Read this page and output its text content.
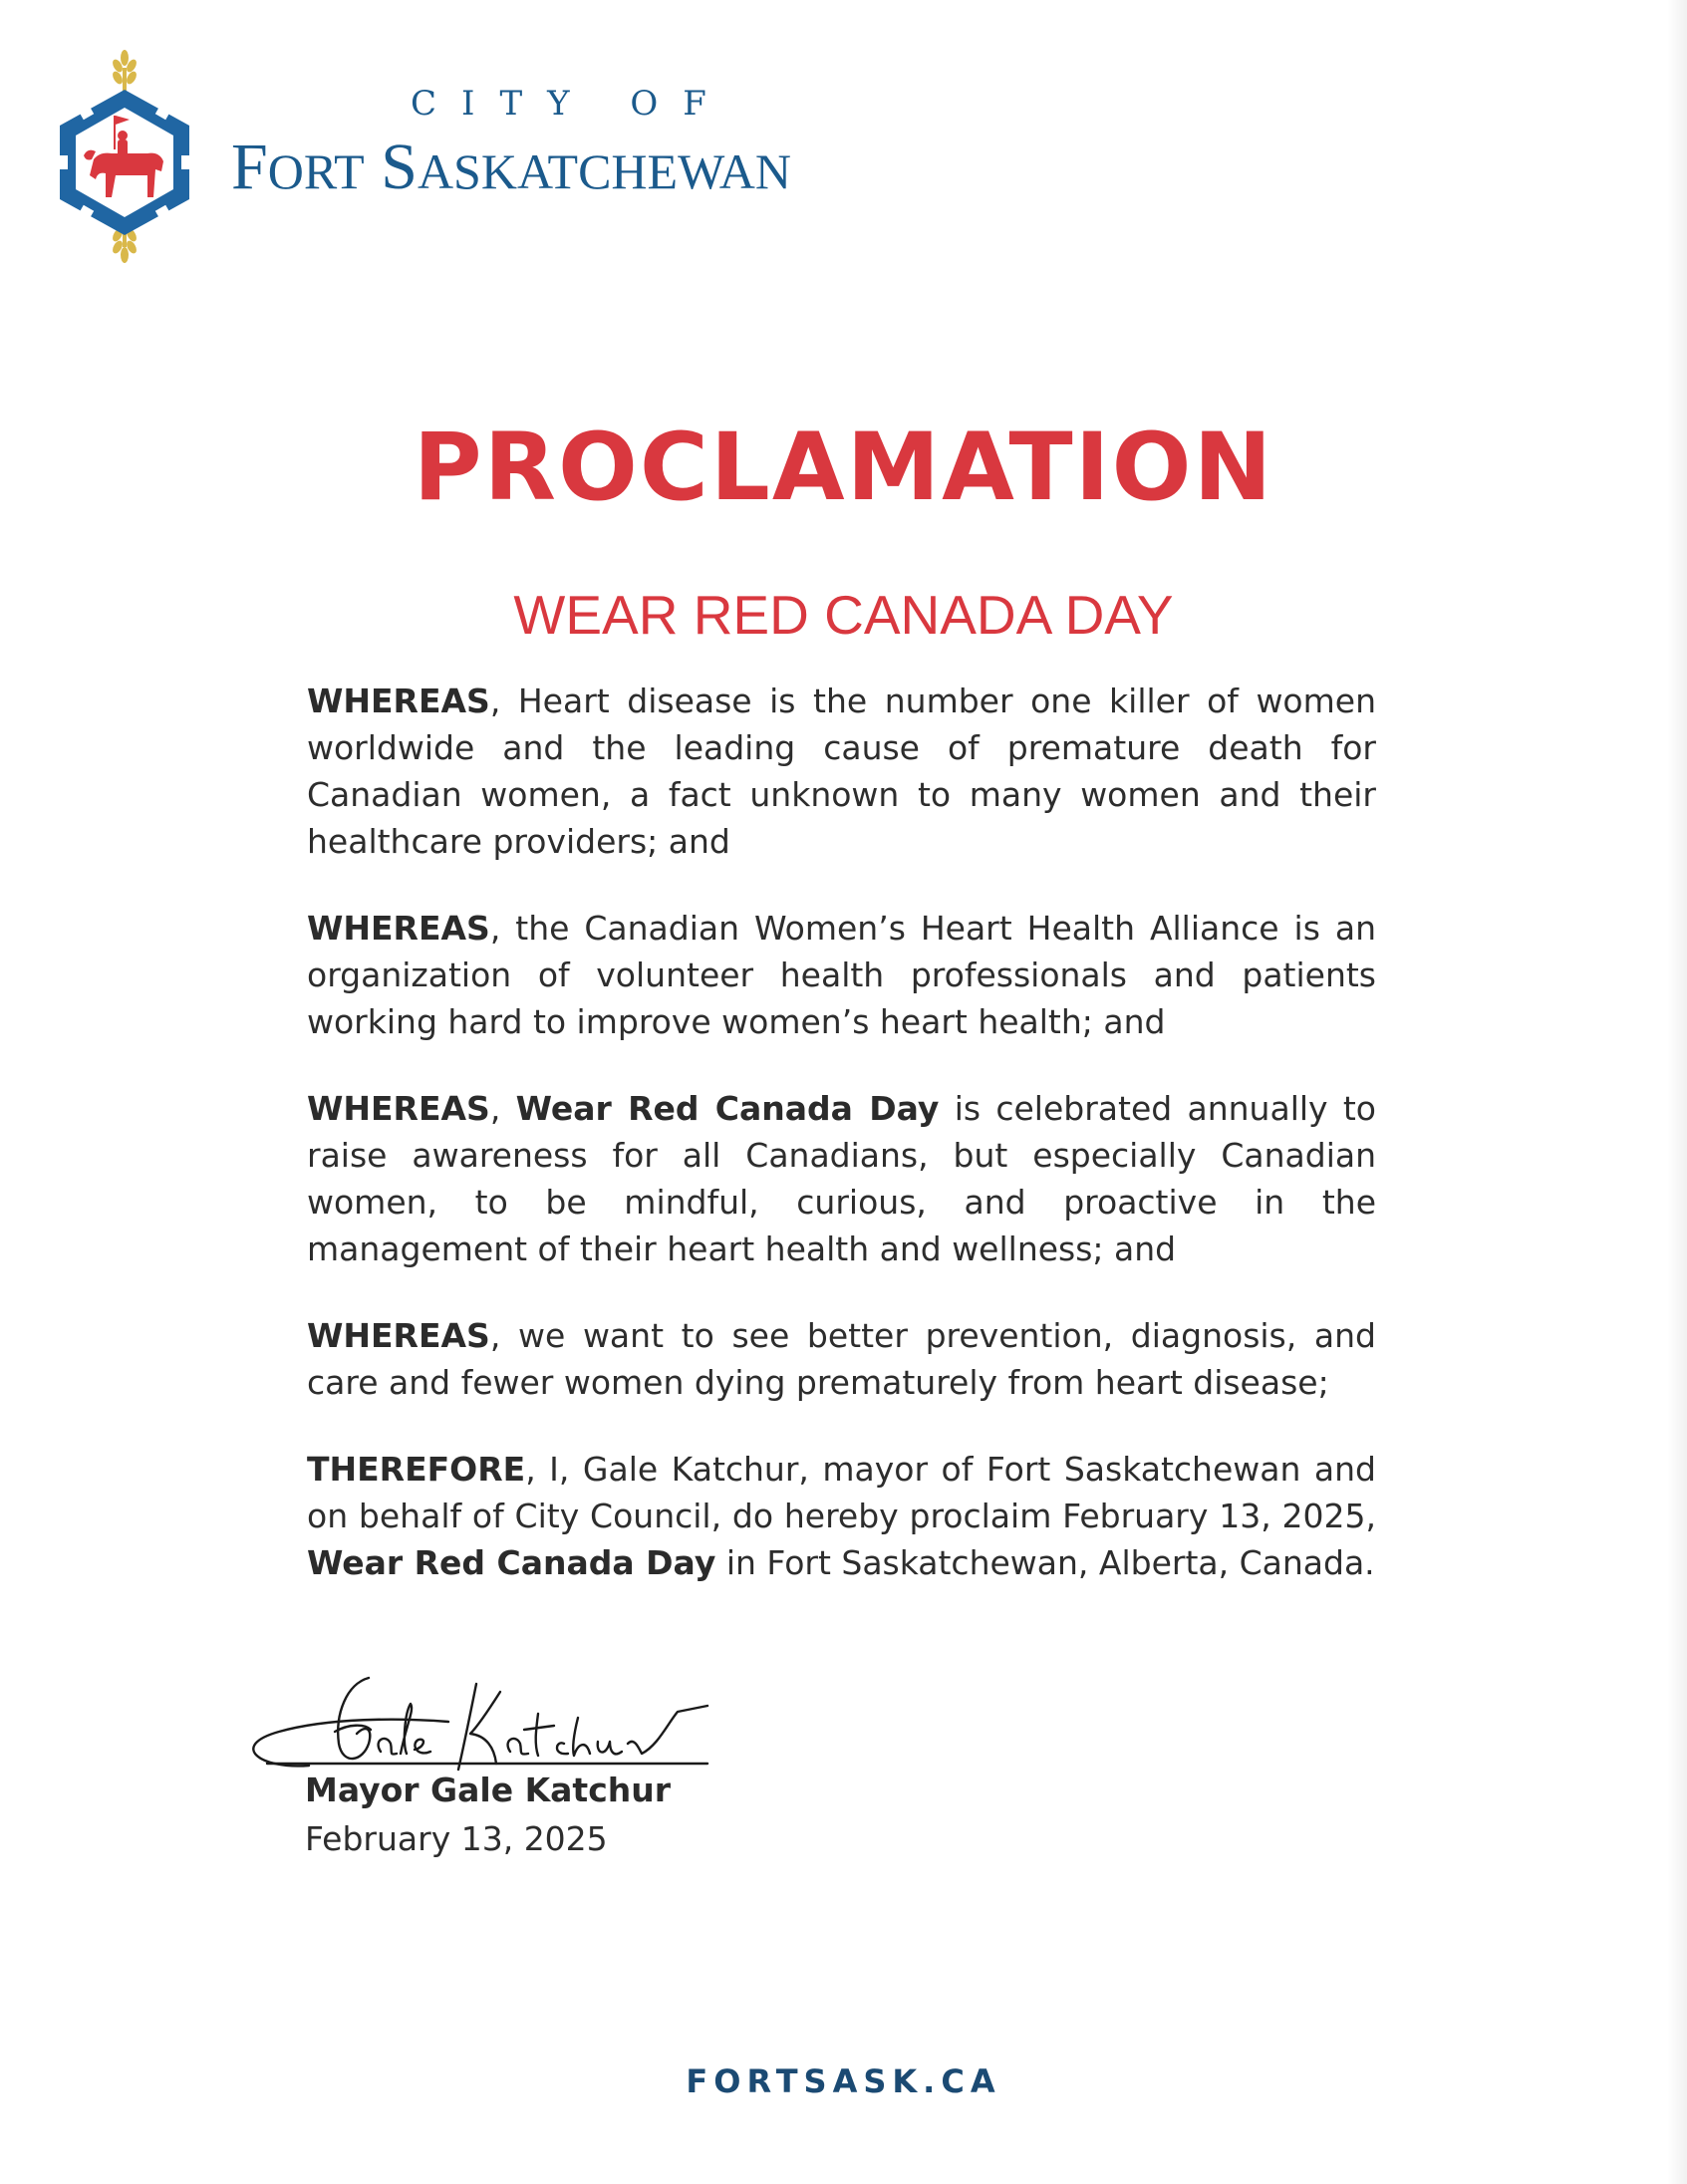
CITY OF
FORT SASKATCHEWAN
PROCLAMATION
WEAR RED CANADA DAY

WHEREAS, Heart disease is the number one killer of women worldwide and the leading cause of premature death for Canadian women, a fact unknown to many women and their healthcare providers; and

WHEREAS, the Canadian Women’s Heart Health Alliance is an organization of volunteer health professionals and patients working hard to improve women’s heart health; and

WHEREAS, Wear Red Canada Day is celebrated annually to raise awareness for all Canadians, but especially Canadian women, to be mindful, curious, and proactive in the management of their heart health and wellness; and

WHEREAS, we want to see better prevention, diagnosis, and care and fewer women dying prematurely from heart disease;

THEREFORE, I, Gale Katchur, mayor of Fort Saskatchewan and on behalf of City Council, do hereby proclaim February 13, 2025, Wear Red Canada Day in Fort Saskatchewan, Alberta, Canada.

Mayor Gale Katchur
February 13, 2025
FORTSASK.CA
